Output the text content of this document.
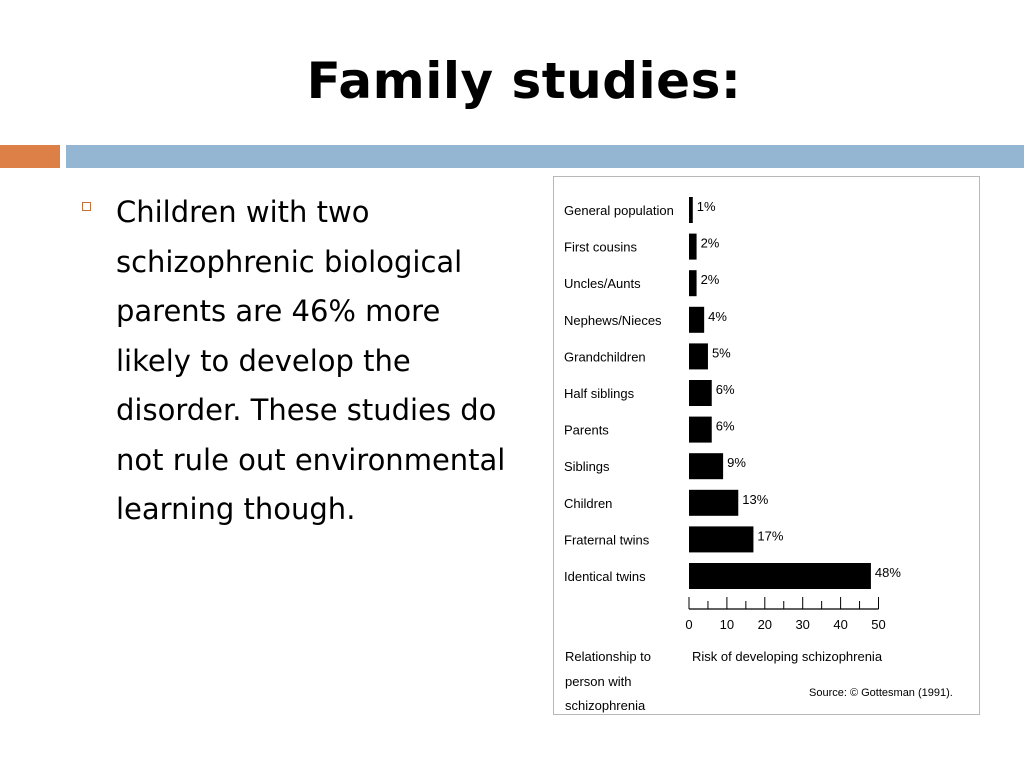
Family studies:

Children with two schizophrenic biological parents are 46% more likely to develop the disorder. These studies do not rule out environmental learning though.

General population
First cousins
Uncles/Aunts
Nephews/Nieces
Grandchildren
Half siblings
Parents
Siblings
Children
Fraternal twins
Identical twins
1%
2%
2%
4%
5%
6%
6%
9%
13%
17%
48%
0 10 20 30 40 50
Risk of developing schizophrenia
Relationship to
person with
schizophrenia
Source: © Gottesman (1991).
